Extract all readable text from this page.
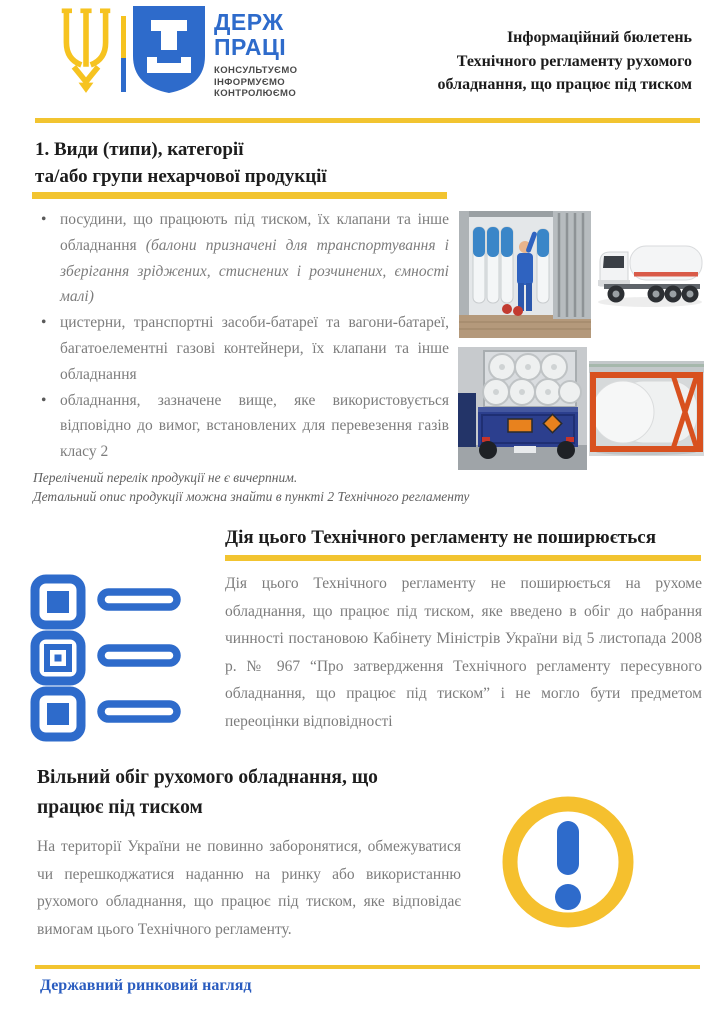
ДЕРЖ
ПРАЦІ
КОНСУЛЬТУЄМО
ІНФОРМУЄМО
КОНТРОЛЮЄМО
Інформаційний бюлетень
Технічного регламенту рухомого
обладнання, що працює під тиском
1. Види (типи), категорії
та/або групи нехарчової продукції
• посудини, що працюють під тиском, їх клапани та інше обладнання (балони призначені для транспортування і зберігання зріджених, стиснених і розчинених, ємності малі)
• цистерни, транспортні засоби-батареї та вагони-батареї, багатоелементні газові контейнери, їх клапани та інше обладнання
• обладнання, зазначене вище, яке використовується відповідно до вимог, встановлених для перевезення газів класу 2
Перелічений перелік продукції не є вичерпним.
Детальний опис продукції можна знайти в пункті 2 Технічного регламенту
Дія цього Технічного регламенту не поширюється

Дія цього Технічного регламенту не поширюється на рухоме обладнання, що працює під тиском, яке введено в обіг до набрання чинності постановою Кабінету Міністрів України від 5 листопада 2008 р. № 967 “Про затвердження Технічного регламенту пересувного обладнання, що працює під тиском” і не могло бути предметом переоцінки відповідності

Вільний обіг рухомого обладнання, що
працює під тиском

На території України не повинно заборонятися, обмежуватися чи перешкоджатися наданню на ринку або використанню рухомого обладнання, що працює під тиском, яке відповідає вимогам цього Технічного регламенту.

Державний ринковий нагляд
